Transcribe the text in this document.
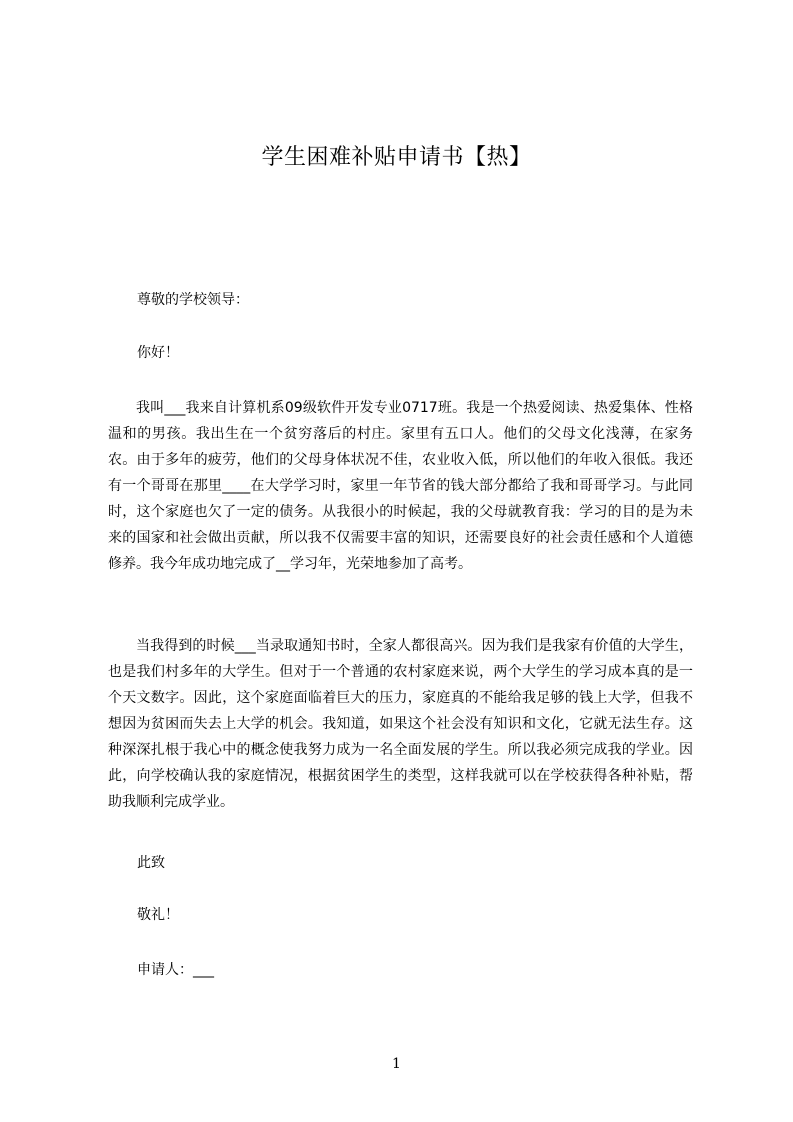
学生困难补贴申请书【热】
尊敬的学校领导：
你好！

我叫___我来自计算机系09级软件开发专业0717班。我是一个热爱阅读、热爱集体、性格温和的男孩。我出生在一个贫穷落后的村庄。家里有五口人。他们的父母文化浅薄，在家务农。由于多年的疲劳，他们的父母身体状况不佳，农业收入低，所以他们的年收入很低。我还有一个哥哥在那里____在大学学习时，家里一年节省的钱大部分都给了我和哥哥学习。与此同时，这个家庭也欠了一定的债务。从我很小的时候起，我的父母就教育我：学习的目的是为未来的国家和社会做出贡献，所以我不仅需要丰富的知识，还需要良好的社会责任感和个人道德修养。我今年成功地完成了__学习年，光荣地参加了高考。

当我得到的时候___当录取通知书时，全家人都很高兴。因为我们是我家有价值的大学生，也是我们村多年的大学生。但对于一个普通的农村家庭来说，两个大学生的学习成本真的是一个天文数字。因此，这个家庭面临着巨大的压力，家庭真的不能给我足够的钱上大学，但我不想因为贫困而失去上大学的机会。我知道，如果这个社会没有知识和文化，它就无法生存。这种深深扎根于我心中的概念使我努力成为一名全面发展的学生。所以我必须完成我的学业。因此，向学校确认我的家庭情况，根据贫困学生的类型，这样我就可以在学校获得各种补贴，帮助我顺利完成学业。

此致
敬礼！
申请人：___
1
